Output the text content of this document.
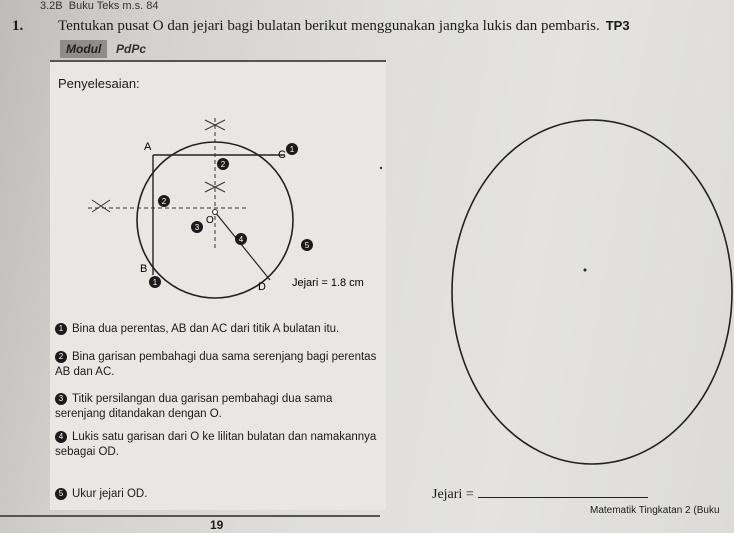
3.2B Buku Teks m.s. 84
1. Tentukan pusat O dan jejari bagi bulatan berikut menggunakan jangka lukis dan pembaris. TP3
Modul	PdPc
Penyelesaian:
A
C
B
D
O
1
2
2
3
4
5
1	Jejari = 1.8 cm
1 Bina dua perentas, AB dan AC dari titik A bulatan itu.
2 Bina garisan pembahagi dua sama serenjang bagi perentas AB dan AC.
3 Titik persilangan dua garisan pembahagi dua sama serenjang ditandakan dengan O.
4 Lukis satu garisan dari O ke lilitan bulatan dan namakannya sebagai OD.
5 Ukur jejari OD.	Jejari =
19
Matematik Tingkatan 2 (Buku
